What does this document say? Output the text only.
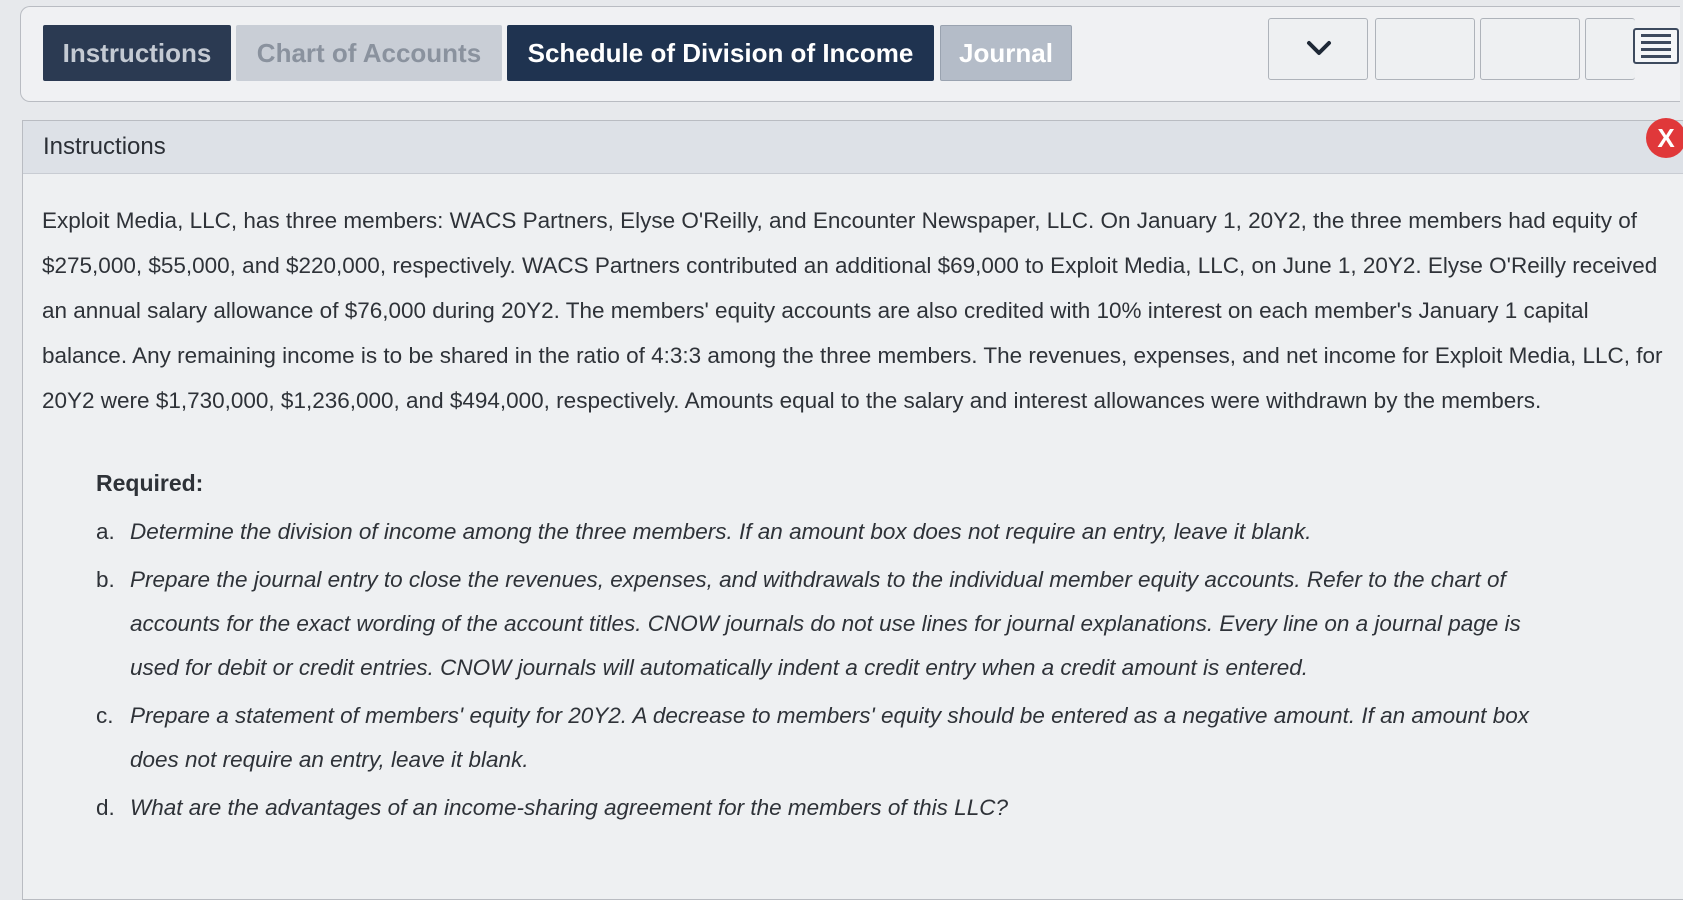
Instructions	Chart of Accounts	Schedule of Division of Income	Journal
Instructions	X
Exploit Media, LLC, has three members: WACS Partners, Elyse O'Reilly, and Encounter Newspaper, LLC. On January 1, 20Y2, the three members had equity of $275,000, $55,000, and $220,000, respectively. WACS Partners contributed an additional $69,000 to Exploit Media, LLC, on June 1, 20Y2. Elyse O'Reilly received an annual salary allowance of $76,000 during 20Y2. The members' equity accounts are also credited with 10% interest on each member's January 1 capital balance. Any remaining income is to be shared in the ratio of 4:3:3 among the three members. The revenues, expenses, and net income for Exploit Media, LLC, for 20Y2 were $1,730,000, $1,236,000, and $494,000, respectively. Amounts equal to the salary and interest allowances were withdrawn by the members.
Required:
a. Determine the division of income among the three members. If an amount box does not require an entry, leave it blank.
b. Prepare the journal entry to close the revenues, expenses, and withdrawals to the individual member equity accounts. Refer to the chart of accounts for the exact wording of the account titles. CNOW journals do not use lines for journal explanations. Every line on a journal page is used for debit or credit entries. CNOW journals will automatically indent a credit entry when a credit amount is entered.
c. Prepare a statement of members' equity for 20Y2. A decrease to members' equity should be entered as a negative amount. If an amount box does not require an entry, leave it blank.
d. What are the advantages of an income-sharing agreement for the members of this LLC?
